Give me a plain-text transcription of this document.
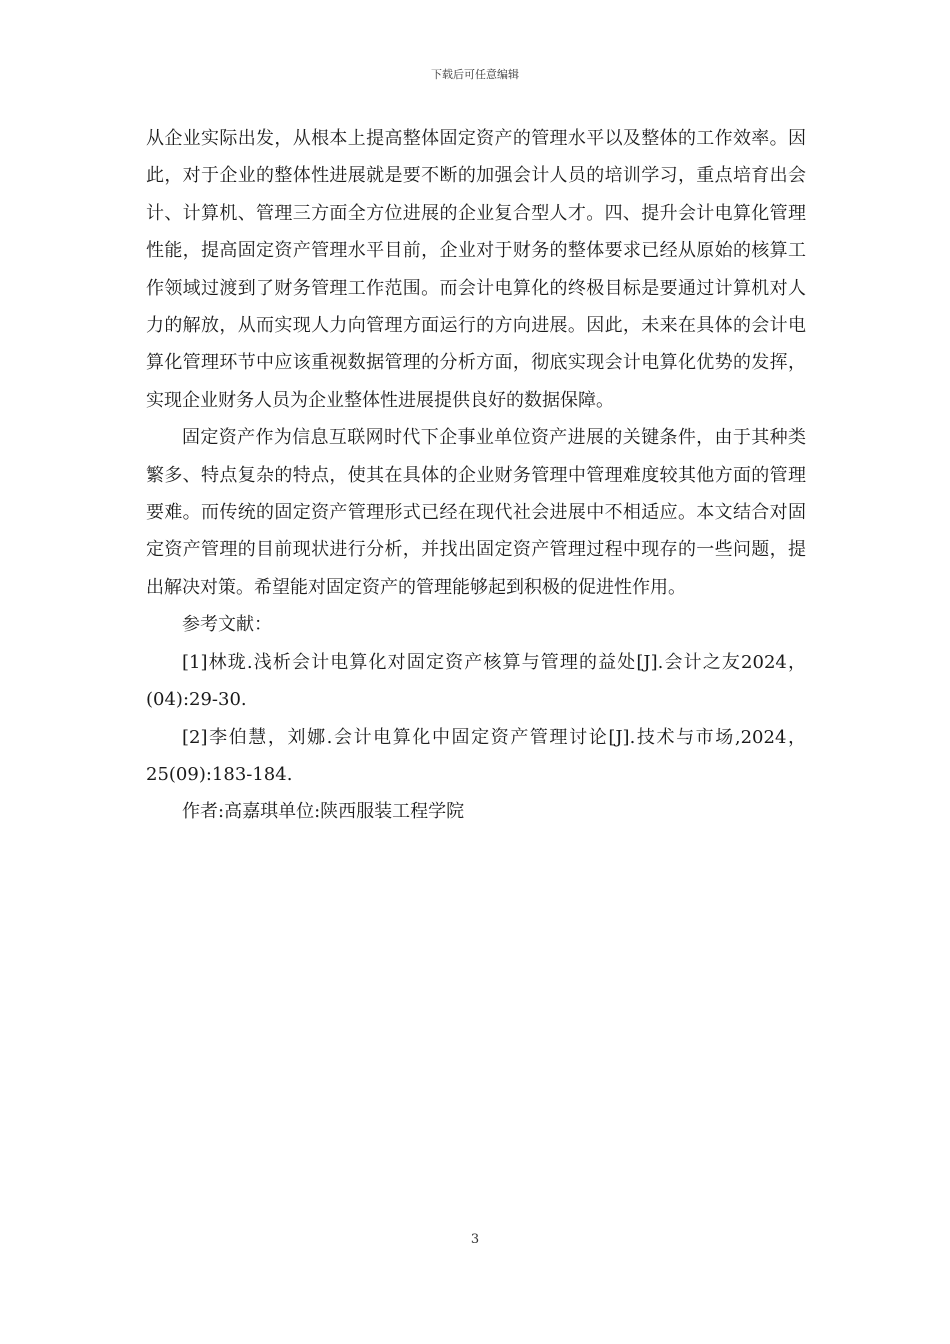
下载后可任意编辑

从企业实际出发，从根本上提高整体固定资产的管理水平以及整体的工作效率。因此，对于企业的整体性进展就是要不断的加强会计人员的培训学习，重点培育出会计、计算机、管理三方面全方位进展的企业复合型人才。四、提升会计电算化管理性能，提高固定资产管理水平目前，企业对于财务的整体要求已经从原始的核算工作领域过渡到了财务管理工作范围。而会计电算化的终极目标是要通过计算机对人力的解放，从而实现人力向管理方面运行的方向进展。因此，未来在具体的会计电算化管理环节中应该重视数据管理的分析方面，彻底实现会计电算化优势的发挥，实现企业财务人员为企业整体性进展提供良好的数据保障。

固定资产作为信息互联网时代下企事业单位资产进展的关键条件，由于其种类繁多、特点复杂的特点，使其在具体的企业财务管理中管理难度较其他方面的管理要难。而传统的固定资产管理形式已经在现代社会进展中不相适应。本文结合对固定资产管理的目前现状进行分析，并找出固定资产管理过程中现存的一些问题，提出解决对策。希望能对固定资产的管理能够起到积极的促进性作用。

参考文献：

[1]林珑.浅析会计电算化对固定资产核算与管理的益处[J].会计之友2024，(04):29-30.

[2]李伯慧，刘娜.会计电算化中固定资产管理讨论[J].技术与市场,2024，25(09):183-184.

作者:高嘉琪单位:陕西服装工程学院

3
